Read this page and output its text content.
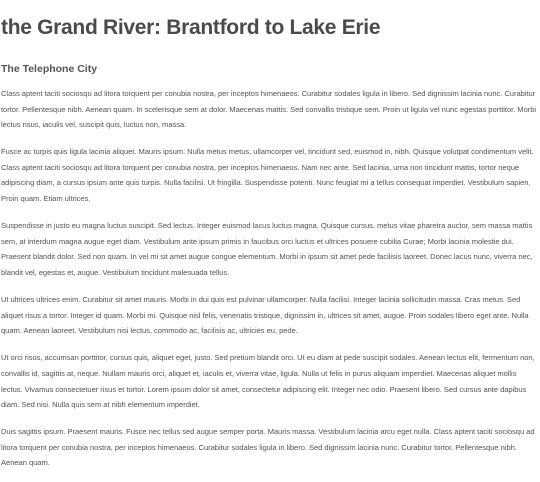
the Grand River: Brantford to Lake Erie
The Telephone City

Class aptent taciti sociosqu ad litora torquent per conubia nostra, per inceptos himenaeos. Curabitur sodales ligula in libero. Sed dignissim lacinia nunc. Curabitur tortor. Pellentesque nibh. Aenean quam. In scelerisque sem at dolor. Maecenas mattis. Sed convallis tristique sem. Proin ut ligula vel nunc egestas porttitor. Morbi lectus risus, iaculis vel, suscipit quis, luctus non, massa.

Fusce ac turpis quis ligula lacinia aliquet. Mauris ipsum. Nulla metus metus, ullamcorper vel, tincidunt sed, euismod in, nibh. Quisque volutpat condimentum velit. Class aptent taciti sociosqu ad litora torquent per conubia nostra, per inceptos himenaeos. Nam nec ante. Sed lacinia, urna non tincidunt mattis, tortor neque adipiscing diam, a cursus ipsum ante quis turpis. Nulla facilisi. Ut fringilla. Suspendisse potenti. Nunc feugiat mi a tellus consequat imperdiet. Vestibulum sapien. Proin quam. Etiam ultrices.

Suspendisse in justo eu magna luctus suscipit. Sed lectus. Integer euismod lacus luctus magna. Quisque cursus, metus vitae pharetra auctor, sem massa mattis sem, at interdum magna augue eget diam. Vestibulum ante ipsum primis in faucibus orci luctus et ultrices posuere cubilia Curae; Morbi lacinia molestie dui. Praesent blandit dolor. Sed non quam. In vel mi sit amet augue congue elementum. Morbi in ipsum sit amet pede facilisis laoreet. Donec lacus nunc, viverra nec, blandit vel, egestas et, augue. Vestibulum tincidunt malesuada tellus.

Ut ultrices ultrices enim. Curabitur sit amet mauris. Morbi in dui quis est pulvinar ullamcorper. Nulla facilisi. Integer lacinia sollicitudin massa. Cras metus. Sed aliquet risus a tortor. Integer id quam. Morbi mi. Quisque nisl felis, venenatis tristique, dignissim in, ultrices sit amet, augue. Proin sodales libero eget ante. Nulla quam. Aenean laoreet. Vestibulum nisi lectus, commodo ac, facilisis ac, ultricies eu, pede.

Ut orci risus, accumsan porttitor, cursus quis, aliquet eget, justo. Sed pretium blandit orci. Ut eu diam at pede suscipit sodales. Aenean lectus elit, fermentum non, convallis id, sagittis at, neque. Nullam mauris orci, aliquet et, iaculis et, viverra vitae, ligula. Nulla ut felis in purus aliquam imperdiet. Maecenas aliquet mollis lectus. Vivamus consectetuer risus et tortor. Lorem ipsum dolor sit amet, consectetur adipiscing elit. Integer nec odio. Praesent libero. Sed cursus ante dapibus diam. Sed nisi. Nulla quis sem at nibh elementum imperdiet.

Duis sagittis ipsum. Praesent mauris. Fusce nec tellus sed augue semper porta. Mauris massa. Vestibulum lacinia arcu eget nulla. Class aptent taciti sociosqu ad litora torquent per conubia nostra, per inceptos himenaeos. Curabitur sodales ligula in libero. Sed dignissim lacinia nunc. Curabitur tortor. Pellentesque nibh. Aenean quam.
